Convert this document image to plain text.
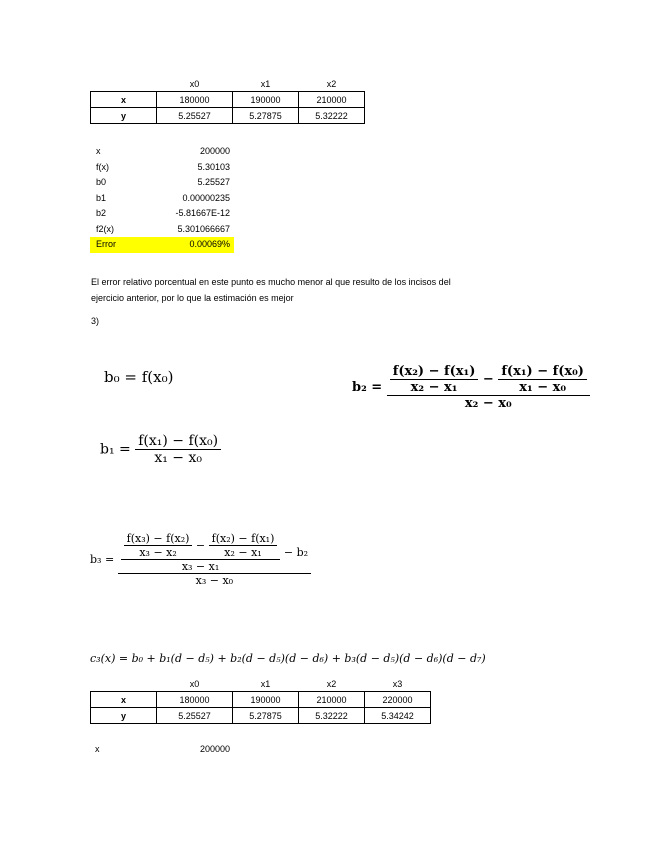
	x0	x1	x2
x	180000	190000	210000
y	5.25527	5.27875	5.32222
x	200000
f(x)	5.30103
b0	5.25527
b1	0.00000235
b2	-5.81667E-12
f2(x)	5.301066667
Error	0.00069%
El error relativo porcentual en este punto es mucho menor al que resulto de los incisos del
ejercicio anterior, por lo que la estimación es mejor
3)
b₀ = f(x₀)
$b_2 = \frac{\text{f(x₂) − f(x₁)}}{\text{x₂ − x₁}} - \frac{\text{f(x₁) − f(x₀)}}{\text{x₁ − x₀}}$
x₂ − x₀
$b_1 = \frac{\text{f(x₁) − f(x₀)}}{\text{x₁ − x₀}}$
b₃ =
$\frac{\text{f(x₃) − f(x₂)}}{\text{x₃ − x₂}} - \frac{\text{f(x₂) − f(x₁)}}{\text{x₂ − x₁}}$
x₃ − x₁
− b₂
x₃ − x₀
c₃(x) = b₀ + b₁(d − d₅) + b₂(d − d₅)(d − d₆) + b₃(d − d₅)(d − d₆)(d − d₇)
	x0	x1	x2	x3
x	180000	190000	210000	220000
y	5.25527	5.27875	5.32222	5.34242
x	200000
